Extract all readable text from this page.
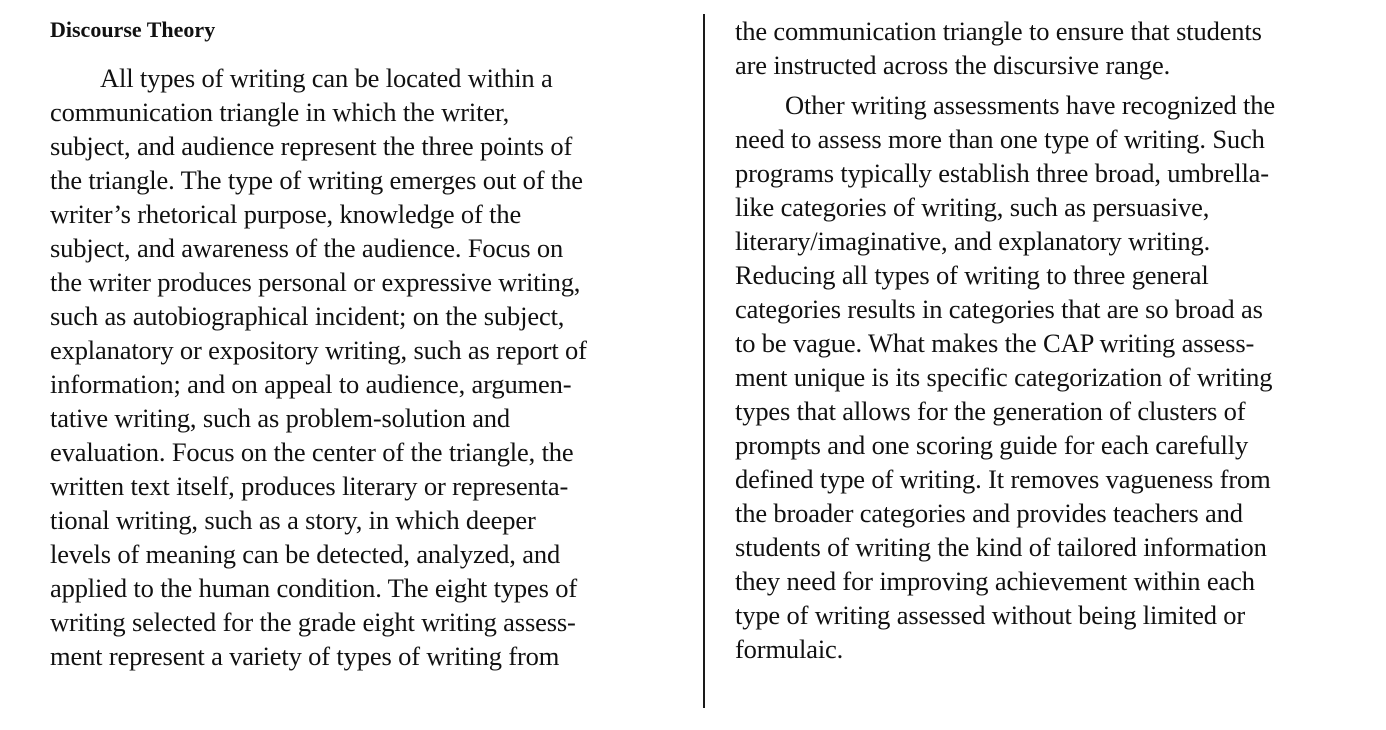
Discourse Theory
All types of writing can be located within a
communication triangle in which the writer,
subject, and audience represent the three points of
the triangle. The type of writing emerges out of the
writer’s rhetorical purpose, knowledge of the
subject, and awareness of the audience. Focus on
the writer produces personal or expressive writing,
such as autobiographical incident; on the subject,
explanatory or expository writing, such as report of
information; and on appeal to audience, argumen-
tative writing, such as problem-solution and
evaluation. Focus on the center of the triangle, the
written text itself, produces literary or representa-
tional writing, such as a story, in which deeper
levels of meaning can be detected, analyzed, and
applied to the human condition. The eight types of
writing selected for the grade eight writing assess-
ment represent a variety of types of writing from
the communication triangle to ensure that students
are instructed across the discursive range.
Other writing assessments have recognized the
need to assess more than one type of writing. Such
programs typically establish three broad, umbrella-
like categories of writing, such as persuasive,
literary/imaginative, and explanatory writing.
Reducing all types of writing to three general
categories results in categories that are so broad as
to be vague. What makes the CAP writing assess-
ment unique is its specific categorization of writing
types that allows for the generation of clusters of
prompts and one scoring guide for each carefully
defined type of writing. It removes vagueness from
the broader categories and provides teachers and
students of writing the kind of tailored information
they need for improving achievement within each
type of writing assessed without being limited or
formulaic.
